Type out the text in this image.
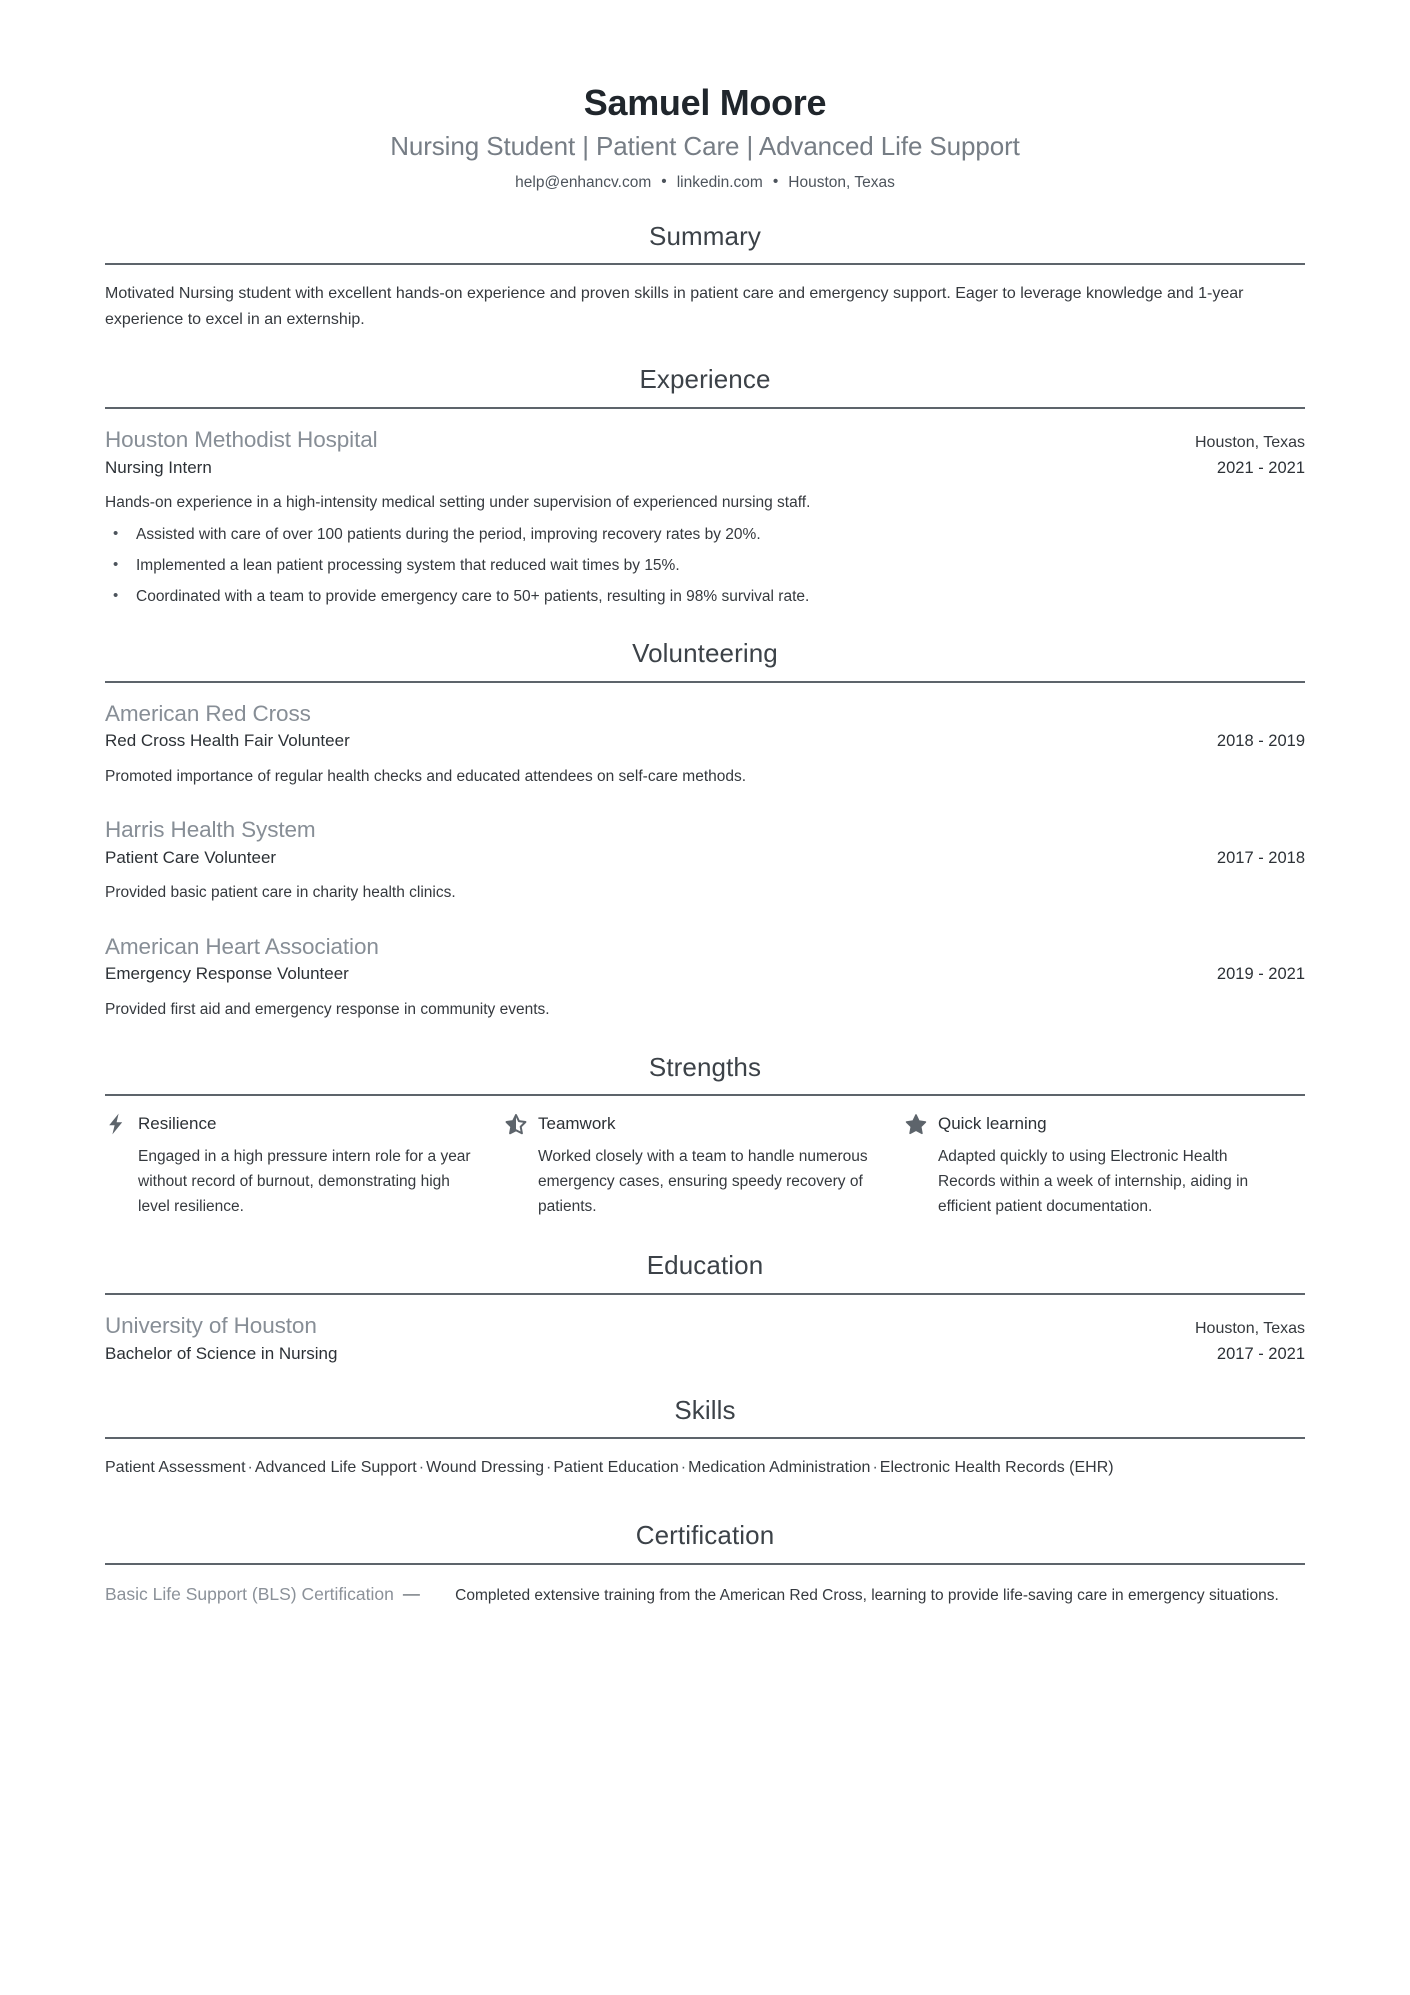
Samuel Moore
Nursing Student | Patient Care | Advanced Life Support
help@enhancv.com • linkedin.com • Houston, Texas
Summary

Motivated Nursing student with excellent hands-on experience and proven skills in patient care and emergency support. Eager to leverage knowledge and 1-year experience to excel in an externship.

Experience
Houston Methodist Hospital	Houston, Texas
Nursing Intern	2021 - 2021
Hands-on experience in a high-intensity medical setting under supervision of experienced nursing staff.
• Assisted with care of over 100 patients during the period, improving recovery rates by 20%.
• Implemented a lean patient processing system that reduced wait times by 15%.
• Coordinated with a team to provide emergency care to 50+ patients, resulting in 98% survival rate.
Volunteering
American Red Cross
Red Cross Health Fair Volunteer	2018 - 2019
Promoted importance of regular health checks and educated attendees on self-care methods.
Harris Health System
Patient Care Volunteer	2017 - 2018
Provided basic patient care in charity health clinics.
American Heart Association
Emergency Response Volunteer	2019 - 2021
Provided first aid and emergency response in community events.
Strengths
Resilience
Engaged in a high pressure intern role for a year without record of burnout, demonstrating high level resilience.
Teamwork
Worked closely with a team to handle numerous emergency cases, ensuring speedy recovery of patients.
Quick learning
Adapted quickly to using Electronic Health Records within a week of internship, aiding in efficient patient documentation.
Education
University of Houston	Houston, Texas
Bachelor of Science in Nursing	2017 - 2021
Skills

Patient Assessment · Advanced Life Support · Wound Dressing · Patient Education · Medication Administration · Electronic Health Records (EHR)

Certification
Basic Life Support (BLS) Certification —	Completed extensive training from the American Red Cross, learning to provide life-saving care in emergency situations.
